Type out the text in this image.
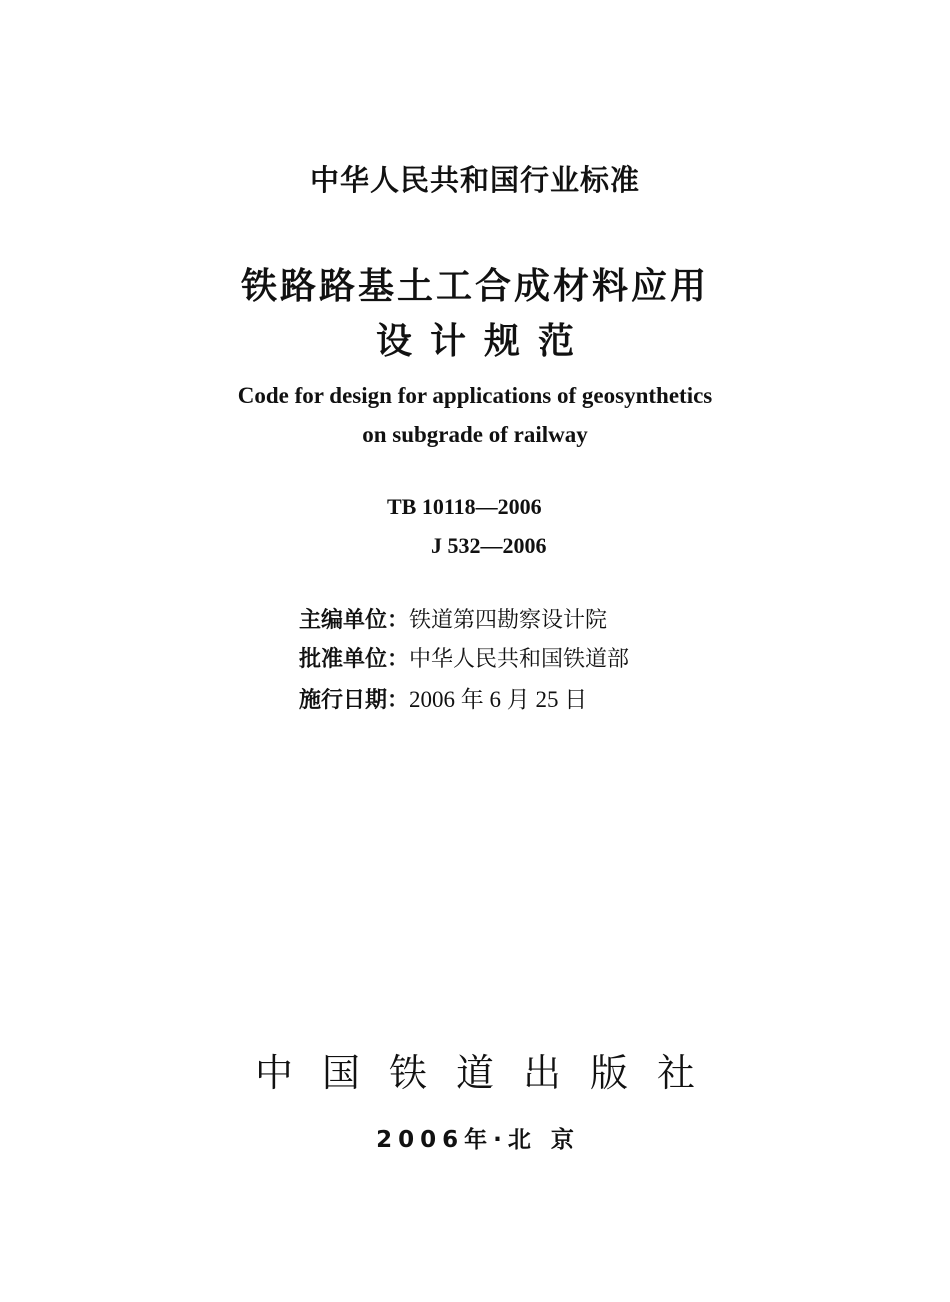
中华人民共和国行业标准
铁路路基土工合成材料应用
设计规范
Code for design for applications of geosynthetics
on subgrade of railway
TB 10118—2006
J 532—2006
主编单位： 铁道第四勘察设计院
批准单位： 中华人民共和国铁道部
施行日期： 2006 年 6 月 25 日
中国铁道出版社
2006年·北 京
